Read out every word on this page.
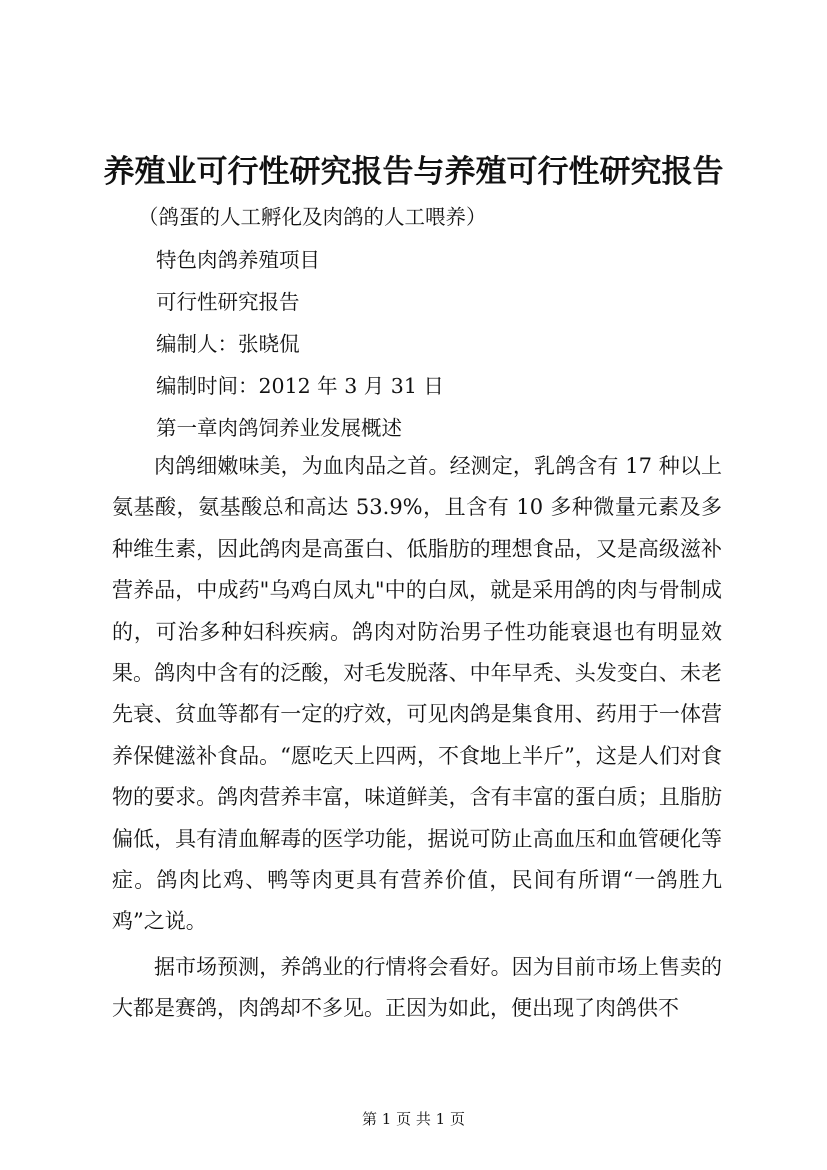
养殖业可行性研究报告与养殖可行性研究报告
（鸽蛋的人工孵化及肉鸽的人工喂养）
特色肉鸽养殖项目
可行性研究报告
编制人：张晓侃
编制时间：2012 年 3 月 31 日
第一章肉鸽饲养业发展概述
肉鸽细嫩味美，为血肉品之首。经测定，乳鸽含有 17 种以上氨基酸，氨基酸总和高达 53.9%，且含有 10 多种微量元素及多种维生素，因此鸽肉是高蛋白、低脂肪的理想食品，又是高级滋补营养品，中成药"乌鸡白凤丸"中的白凤，就是采用鸽的肉与骨制成的，可治多种妇科疾病。鸽肉对防治男子性功能衰退也有明显效果。鸽肉中含有的泛酸，对毛发脱落、中年早秃、头发变白、未老先衰、贫血等都有一定的疗效，可见肉鸽是集食用、药用于一体营养保健滋补食品。“愿吃天上四两，不食地上半斤”，这是人们对食物的要求。鸽肉营养丰富，味道鲜美，含有丰富的蛋白质；且脂肪偏低，具有清血解毒的医学功能，据说可防止高血压和血管硬化等症。鸽肉比鸡、鸭等肉更具有营养价值，民间有所谓“一鸽胜九鸡”之说。
据市场预测，养鸽业的行情将会看好。因为目前市场上售卖的大都是赛鸽，肉鸽却不多见。正因为如此，便出现了肉鸽供不
第 1 页 共 1 页
